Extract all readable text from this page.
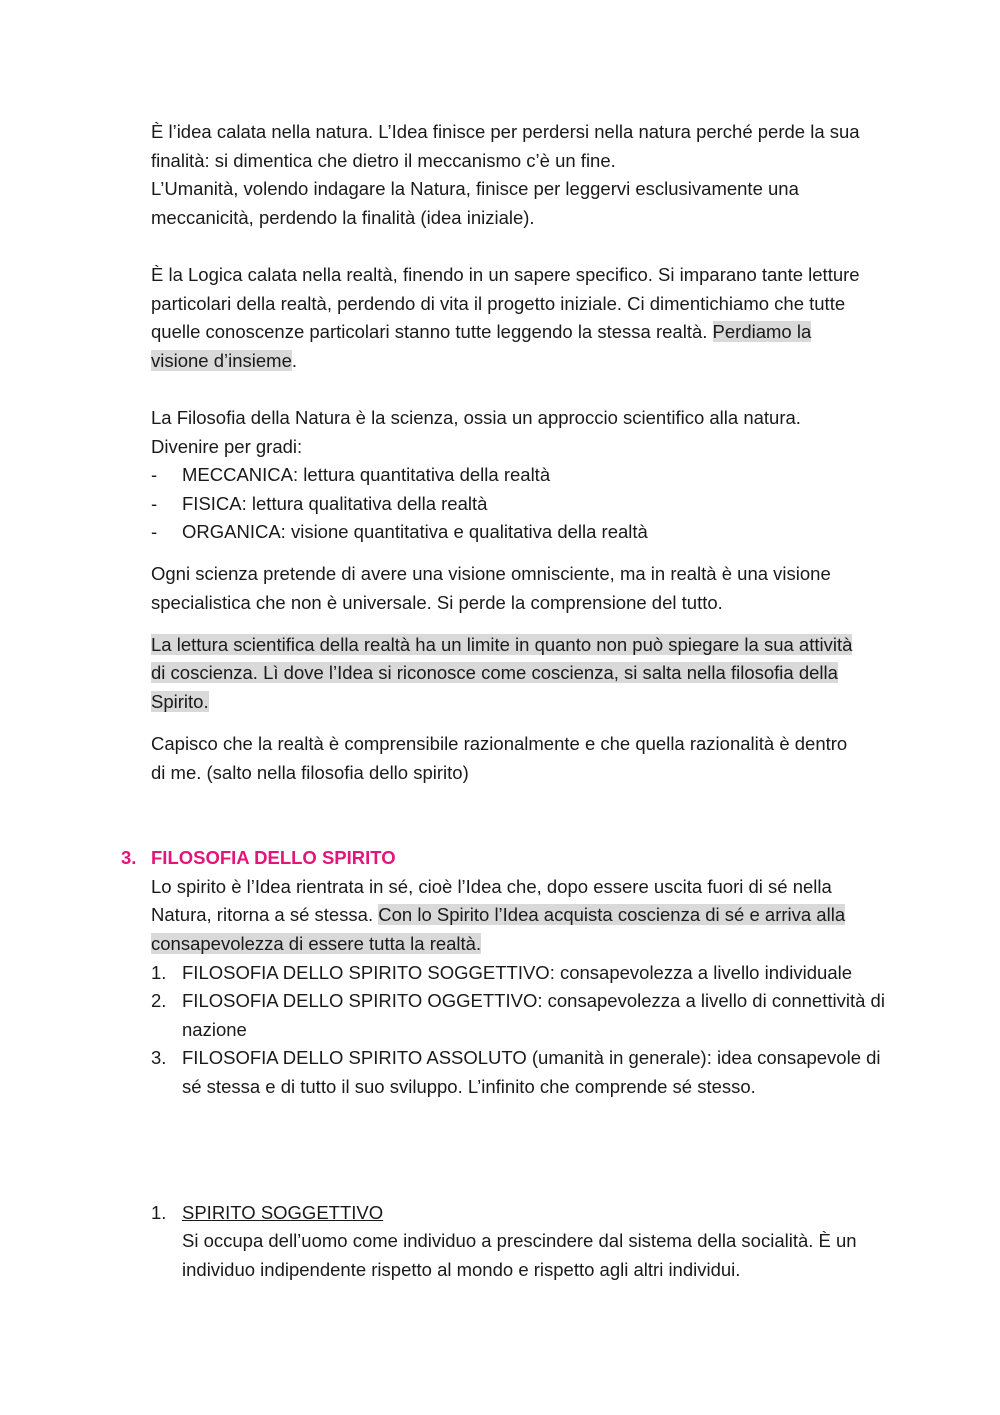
È l’idea calata nella natura. L’Idea finisce per perdersi nella natura perché perde la sua
finalità: si dimentica che dietro il meccanismo c’è un fine.
L’Umanità, volendo indagare la Natura, finisce per leggervi esclusivamente una
meccanicità, perdendo la finalità (idea iniziale).
È la Logica calata nella realtà, finendo in un sapere specifico. Si imparano tante letture
particolari della realtà, perdendo di vita il progetto iniziale. Ci dimentichiamo che tutte
quelle conoscenze particolari stanno tutte leggendo la stessa realtà. Perdiamo la
visione d’insieme.
La Filosofia della Natura è la scienza, ossia un approccio scientifico alla natura.
Divenire per gradi:
- MECCANICA: lettura quantitativa della realtà
- FISICA: lettura qualitativa della realtà
- ORGANICA: visione quantitativa e qualitativa della realtà
Ogni scienza pretende di avere una visione omnisciente, ma in realtà è una visione
specialistica che non è universale. Si perde la comprensione del tutto.
La lettura scientifica della realtà ha un limite in quanto non può spiegare la sua attività
di coscienza. Lì dove l’Idea si riconosce come coscienza, si salta nella filosofia della
Spirito.
Capisco che la realtà è comprensibile razionalmente e che quella razionalità è dentro
di me. (salto nella filosofia dello spirito)
3. FILOSOFIA DELLO SPIRITO
Lo spirito è l’Idea rientrata in sé, cioè l’Idea che, dopo essere uscita fuori di sé nella
Natura, ritorna a sé stessa. Con lo Spirito l’Idea acquista coscienza di sé e arriva alla
consapevolezza di essere tutta la realtà.
1. FILOSOFIA DELLO SPIRITO SOGGETTIVO: consapevolezza a livello individuale
2. FILOSOFIA DELLO SPIRITO OGGETTIVO: consapevolezza a livello di connettività di
nazione
3. FILOSOFIA DELLO SPIRITO ASSOLUTO (umanità in generale): idea consapevole di
sé stessa e di tutto il suo sviluppo. L’infinito che comprende sé stesso.
1. SPIRITO SOGGETTIVO
Si occupa dell’uomo come individuo a prescindere dal sistema della socialità. È un
individuo indipendente rispetto al mondo e rispetto agli altri individui.
